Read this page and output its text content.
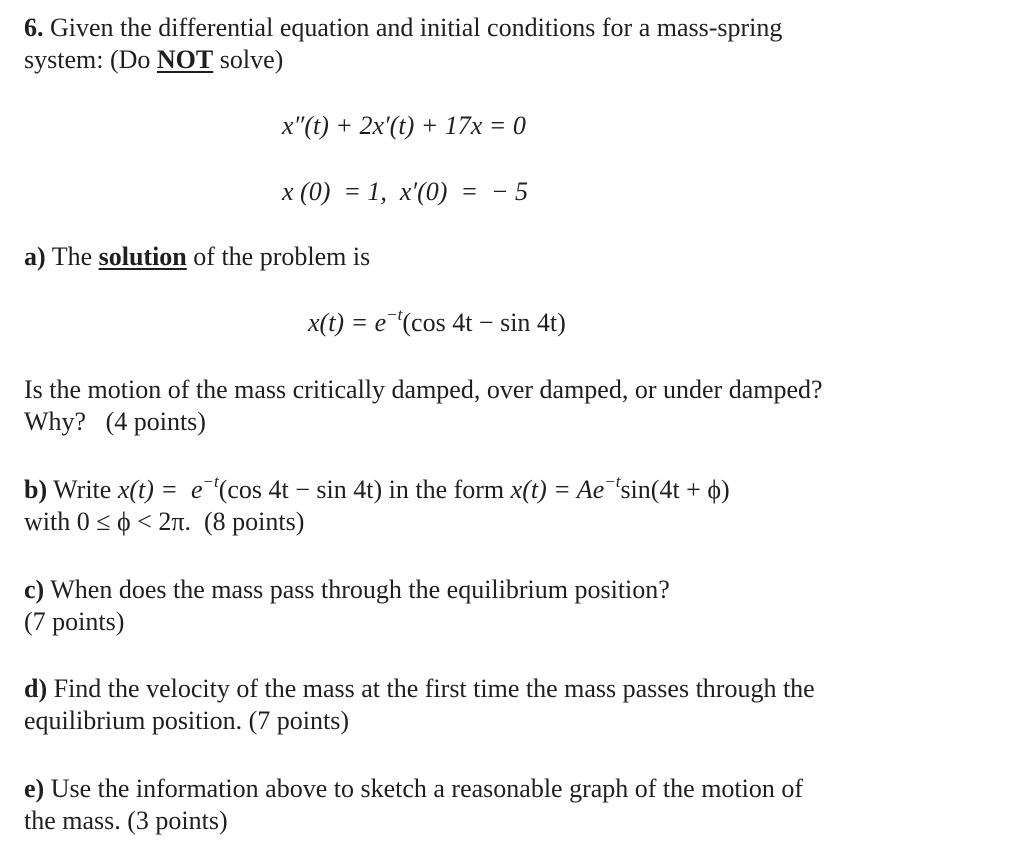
6. Given the differential equation and initial conditions for a mass-spring
system: (Do NOT solve)
x″(t) + 2x′(t) + 17x = 0
x (0)  = 1,  x′(0)  =  − 5
a) The solution of the problem is
$x(t) = e^{-t}(\cos$ 4t − sin 4t)
Is the motion of the mass critically damped, over damped, or under damped?
Why?   (4 points)
b) Write $x(t) = e^{-t}(\cos$ 4t − sin 4t) in the form $x(t) = Ae^{-t}\sin(4t + \phi)$
with 0 ≤ ϕ < 2π.  (8 points)
c) When does the mass pass through the equilibrium position?
(7 points)
d) Find the velocity of the mass at the first time the mass passes through the
equilibrium position. (7 points)
e) Use the information above to sketch a reasonable graph of the motion of
the mass. (3 points)
